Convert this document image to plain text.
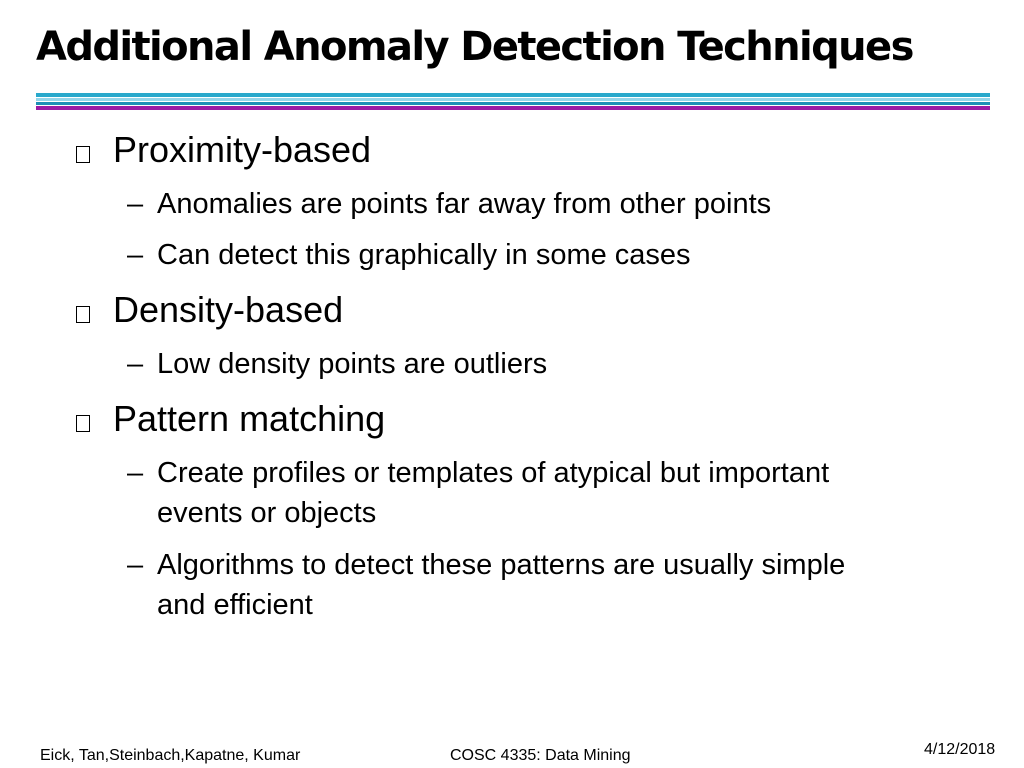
Additional Anomaly Detection Techniques
Proximity-based
– Anomalies are points far away from other points
– Can detect this graphically in some cases
Density-based
– Low density points are outliers
Pattern matching
– Create profiles or templates of atypical but important
events or objects
– Algorithms to detect these patterns are usually simple
and efficient
Eick, Tan,Steinbach,Kapatne, Kumar	COSC 4335: Data Mining	4/12/2018
